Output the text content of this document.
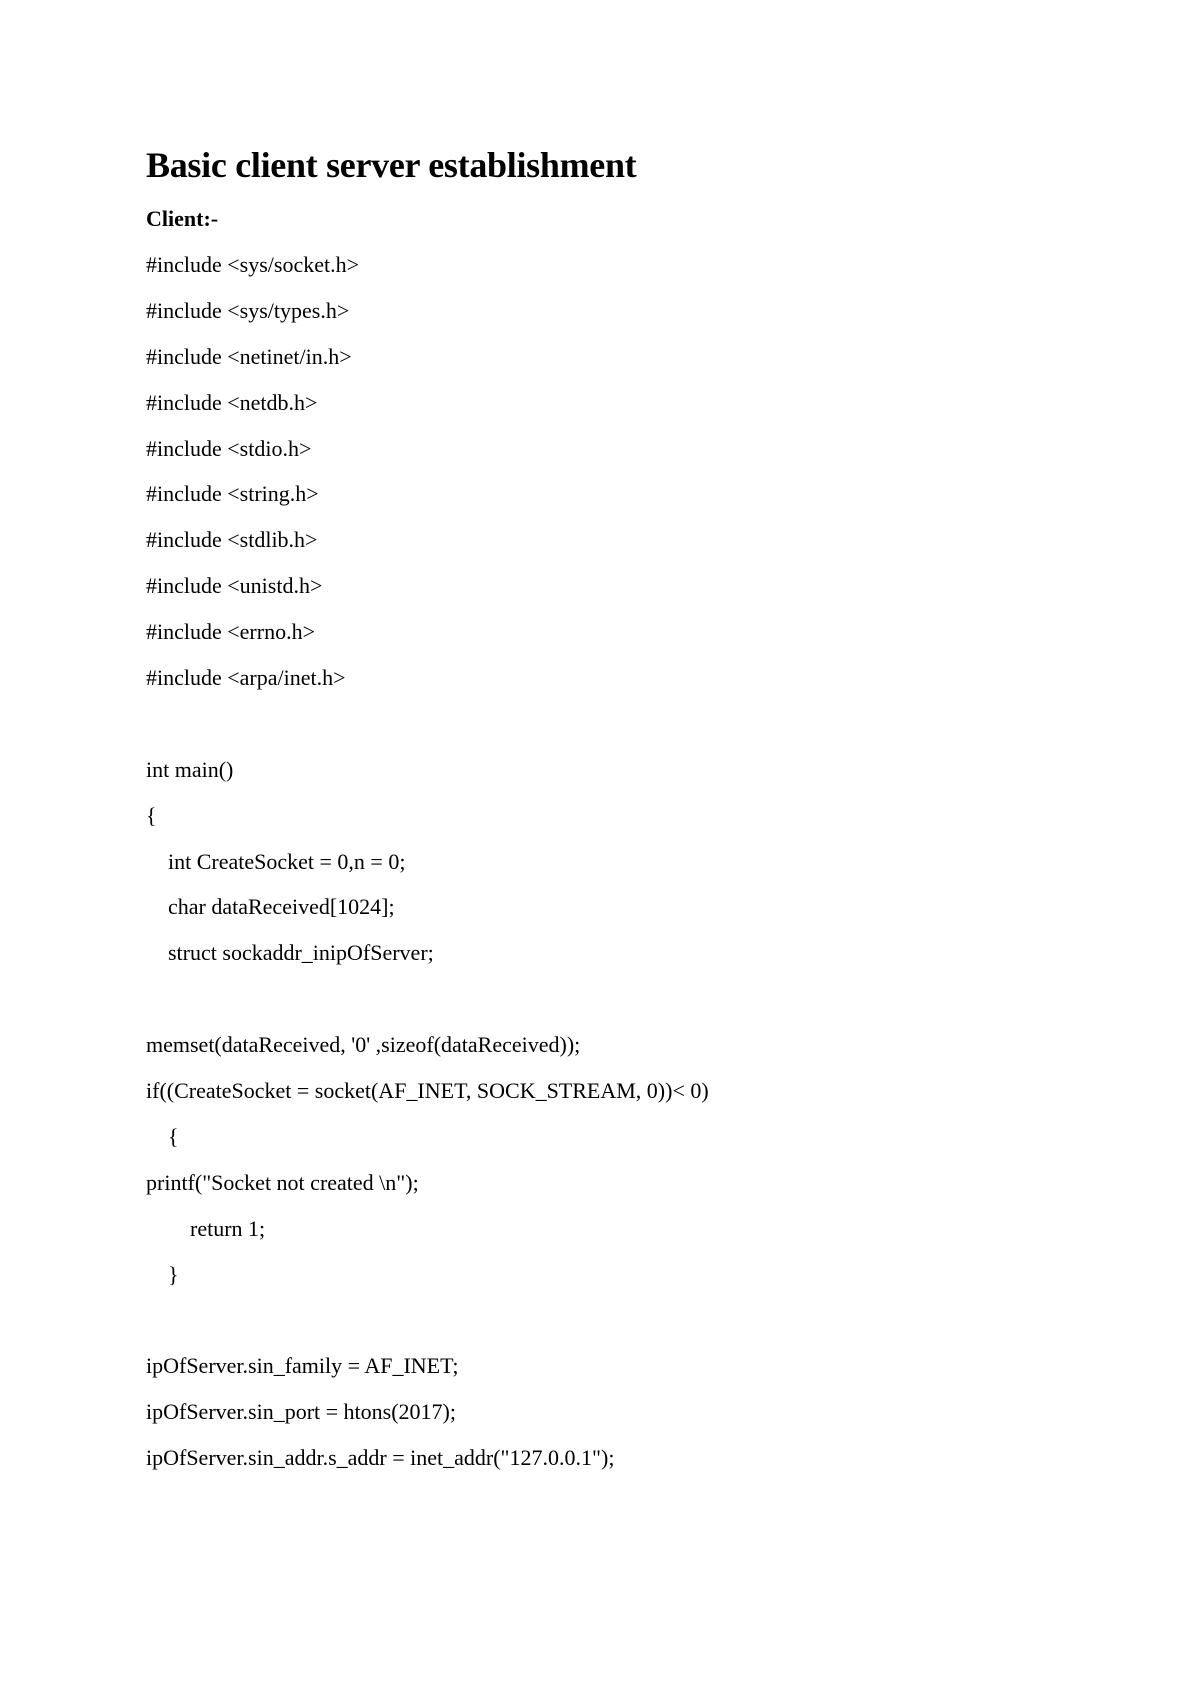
Basic client server establishment
Client:-
#include <sys/socket.h>
#include <sys/types.h>
#include <netinet/in.h>
#include <netdb.h>
#include <stdio.h>
#include <string.h>
#include <stdlib.h>
#include <unistd.h>
#include <errno.h>
#include <arpa/inet.h>
int main()
{
int CreateSocket = 0,n = 0;
char dataReceived[1024];
struct sockaddr_inipOfServer;
memset(dataReceived, '0' ,sizeof(dataReceived));
if((CreateSocket = socket(AF_INET, SOCK_STREAM, 0))< 0)
{
printf("Socket not created \n");
return 1;
}
ipOfServer.sin_family = AF_INET;
ipOfServer.sin_port = htons(2017);
ipOfServer.sin_addr.s_addr = inet_addr("127.0.0.1");
